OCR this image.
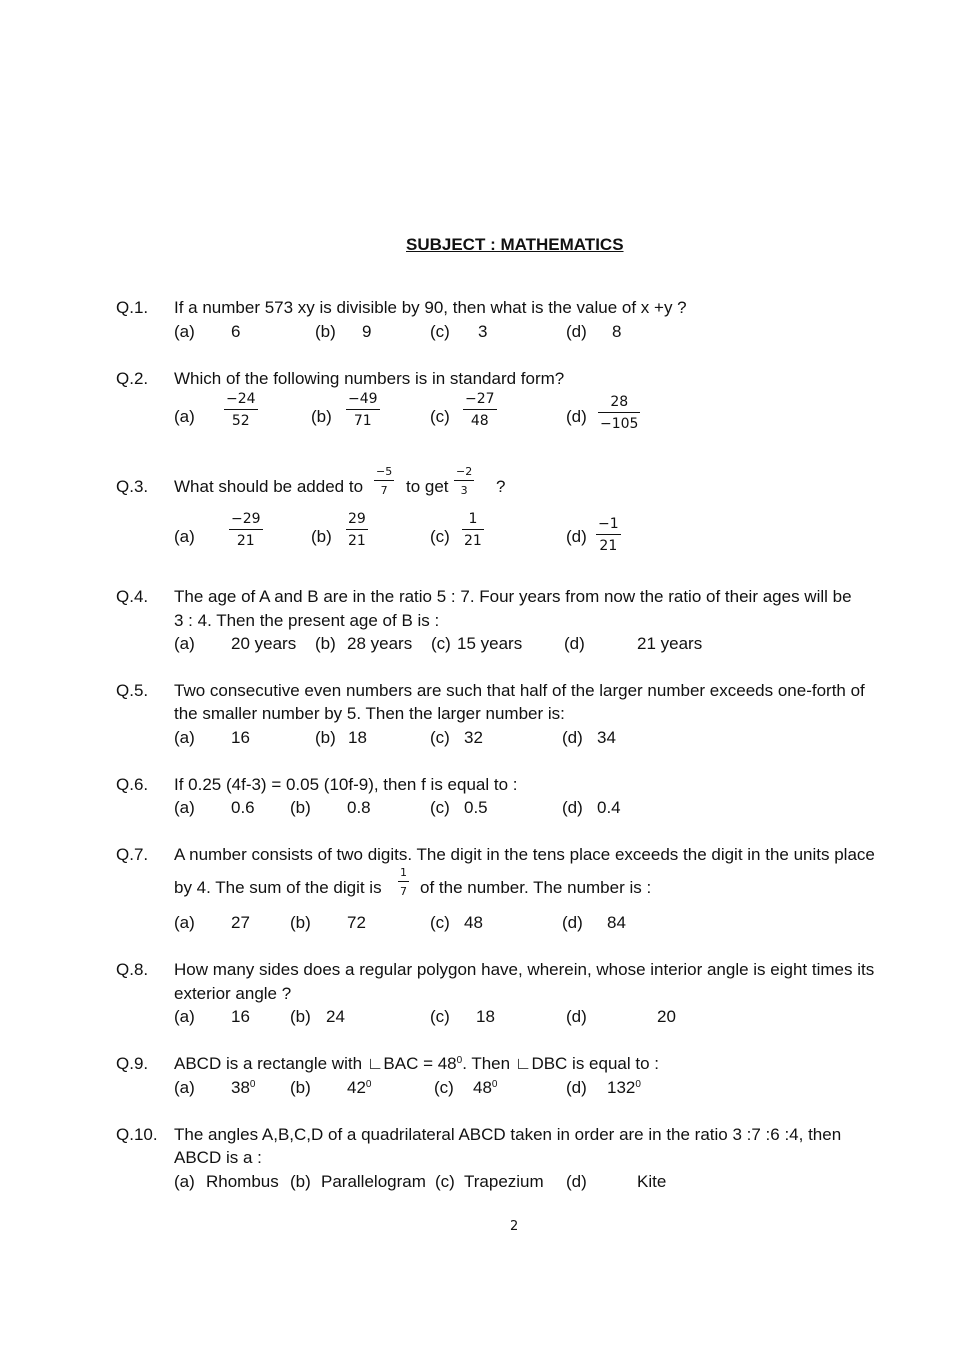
SUBJECT : MATHEMATICS
Q.1. If a number 573 xy is divisible by 90, then what is the value of x +y ?
(a) 6	(b) 9	(c) 3	(d) 8
Q.2. Which of the following numbers is in standard form?
(a)
−24
52	(b)
−49
71	(c)
−27
48	(d)
28
−105
Q.3. What should be added to
−5
7 to get
−2
3 ?
(a)
−29
21	(b)
29
21	(c)
1
21	(d)
−1
21
Q.4. The age of A and B are in the ratio 5 : 7. Four years from now the ratio of their ages will be
3 : 4. Then the present age of B is :
(a) 20 years (b) 28 years (c) 15 years (d)	21 years
Q.5. Two consecutive even numbers are such that half of the larger number exceeds one-forth of
the smaller number by 5. Then the larger number is:
(a) 16	(b) 18	(c) 32	(d) 34
Q.6. If 0.25 (4f-3) = 0.05 (10f-9), then f is equal to :
(a) 0.6 (b) 0.8	(c) 0.5	(d) 0.4
Q.7. A number consists of two digits. The digit in the tens place exceeds the digit in the units place
by 4. The sum of the digit is
1
7 of the number. The number is :
(a) 27 (b) 72	(c) 48	(d) 84
Q.8. How many sides does a regular polygon have, wherein, whose interior angle is eight times its
exterior angle ?
(a) 16 (b) 24	(c) 18	(d)	20
Q.9. ABCD is a rectangle with ∟BAC = $48^0$. Then ∟DBC is equal to :
(a) $38^0$ (b) $42^0$	(c) $48^0$	(d) $132^0$
Q.10. The angles A,B,C,D of a quadrilateral ABCD taken in order are in the ratio 3 :7 :6 :4, then
ABCD is a :
(a) Rhombus (b) Parallelogram (c) Trapezium (d)	Kite
2
